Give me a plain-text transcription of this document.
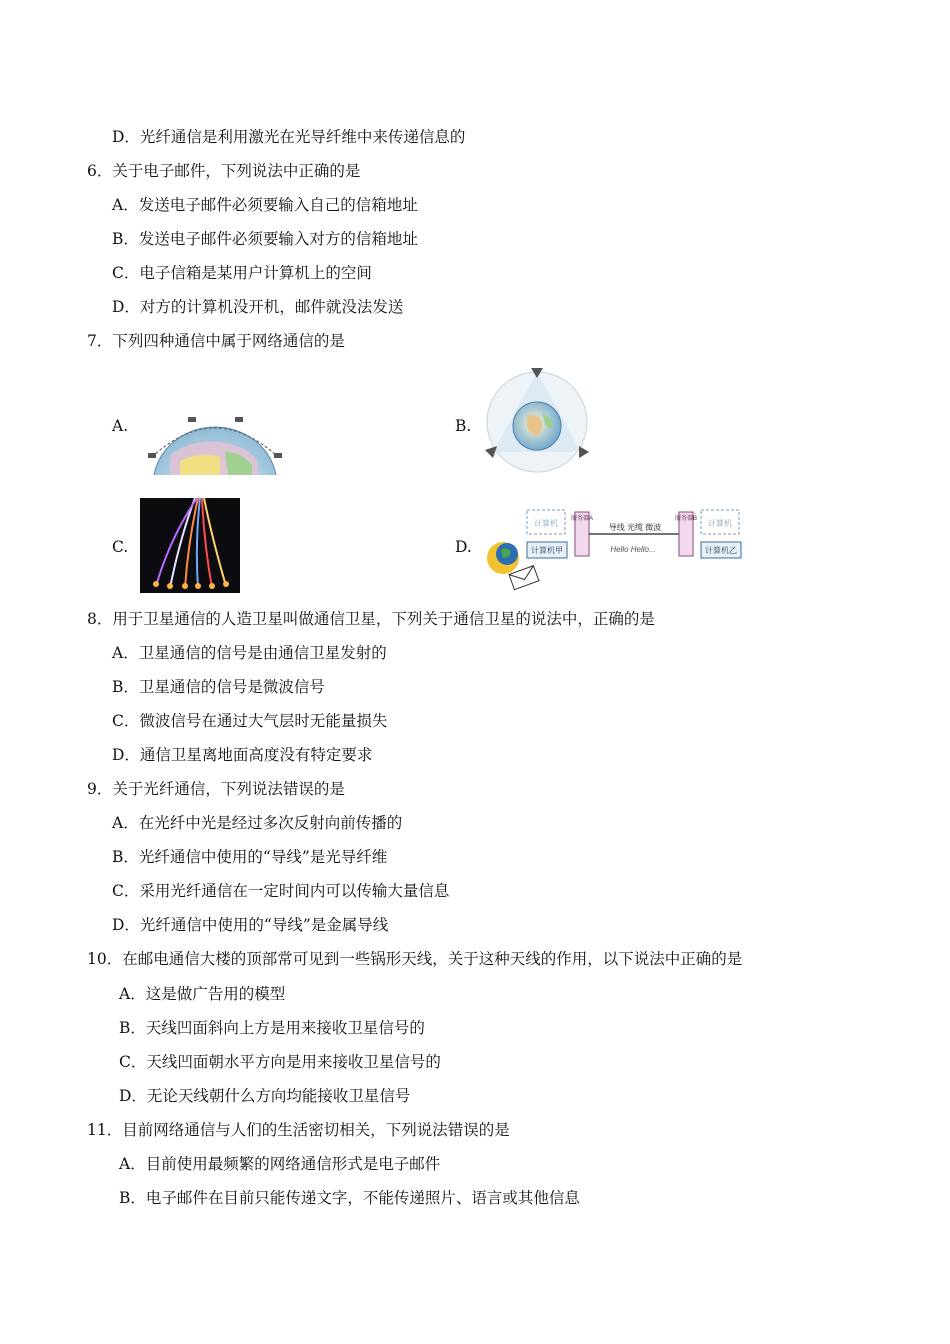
D．光纤通信是利用激光在光导纤维中来传递信息的
6．关于电子邮件，下列说法中正确的是
A．发送电子邮件必须要输入自己的信箱地址
B．发送电子邮件必须要输入对方的信箱地址
C．电子信箱是某用户计算机上的空间
D．对方的计算机没开机，邮件就没法发送
7．下列四种通信中属于网络通信的是
A.	B.
C.	D.
计算机
计算机甲
服务器A
导线 光缆 微波
Hello Hello...
服务器B 计算机
计算机乙
8．用于卫星通信的人造卫星叫做通信卫星，下列关于通信卫星的说法中，正确的是
A．卫星通信的信号是由通信卫星发射的
B．卫星通信的信号是微波信号
C．微波信号在通过大气层时无能量损失
D．通信卫星离地面高度没有特定要求
9．关于光纤通信，下列说法错误的是
A．在光纤中光是经过多次反射向前传播的
B．光纤通信中使用的“导线”是光导纤维
C．采用光纤通信在一定时间内可以传输大量信息
D．光纤通信中使用的“导线”是金属导线
10．在邮电通信大楼的顶部常可见到一些锅形天线，关于这种天线的作用，以下说法中正确的是
A．这是做广告用的模型
B．天线凹面斜向上方是用来接收卫星信号的
C．天线凹面朝水平方向是用来接收卫星信号的
D．无论天线朝什么方向均能接收卫星信号
11．目前网络通信与人们的生活密切相关，下列说法错误的是
A．目前使用最频繁的网络通信形式是电子邮件
B．电子邮件在目前只能传递文字，不能传递照片、语言或其他信息
